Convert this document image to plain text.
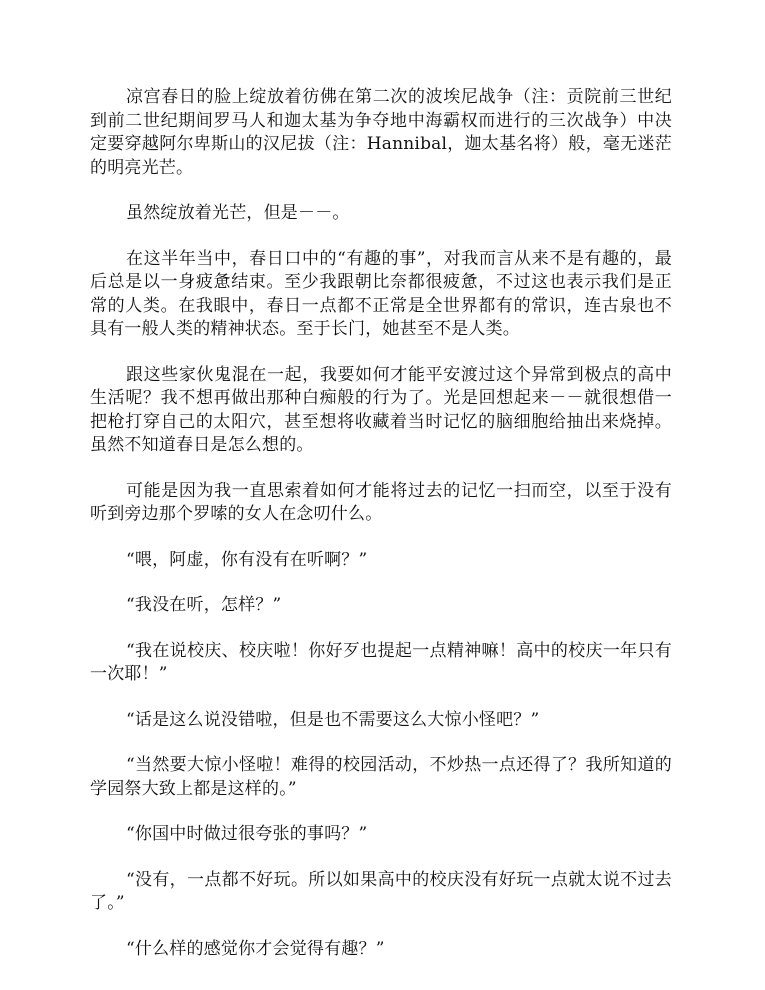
凉宫春日的脸上绽放着彷佛在第二次的波埃尼战争（注：贡院前三世纪到前二世纪期间罗马人和迦太基为争夺地中海霸权而进行的三次战争）中决定要穿越阿尔卑斯山的汉尼拔（注：Hannibal，迦太基名将）般，毫无迷茫的明亮光芒。

虽然绽放着光芒，但是－－。

在这半年当中，春日口中的“有趣的事”，对我而言从来不是有趣的，最后总是以一身疲惫结束。至少我跟朝比奈都很疲惫，不过这也表示我们是正常的人类。在我眼中，春日一点都不正常是全世界都有的常识，连古泉也不具有一般人类的精神状态。至于长门，她甚至不是人类。

跟这些家伙鬼混在一起，我要如何才能平安渡过这个异常到极点的高中生活呢？我不想再做出那种白痴般的行为了。光是回想起来－－就很想借一把枪打穿自己的太阳穴，甚至想将收藏着当时记忆的脑细胞给抽出来烧掉。虽然不知道春日是怎么想的。

可能是因为我一直思索着如何才能将过去的记忆一扫而空，以至于没有听到旁边那个罗嗦的女人在念叨什么。

“喂，阿虚，你有没有在听啊？”

“我没在听，怎样？”

“我在说校庆、校庆啦！你好歹也提起一点精神嘛！高中的校庆一年只有一次耶！”

“话是这么说没错啦，但是也不需要这么大惊小怪吧？”

“当然要大惊小怪啦！难得的校园活动，不炒热一点还得了？我所知道的学园祭大致上都是这样的。”

“你国中时做过很夸张的事吗？”

“没有，一点都不好玩。所以如果高中的校庆没有好玩一点就太说不过去了。”

“什么样的感觉你才会觉得有趣？”
